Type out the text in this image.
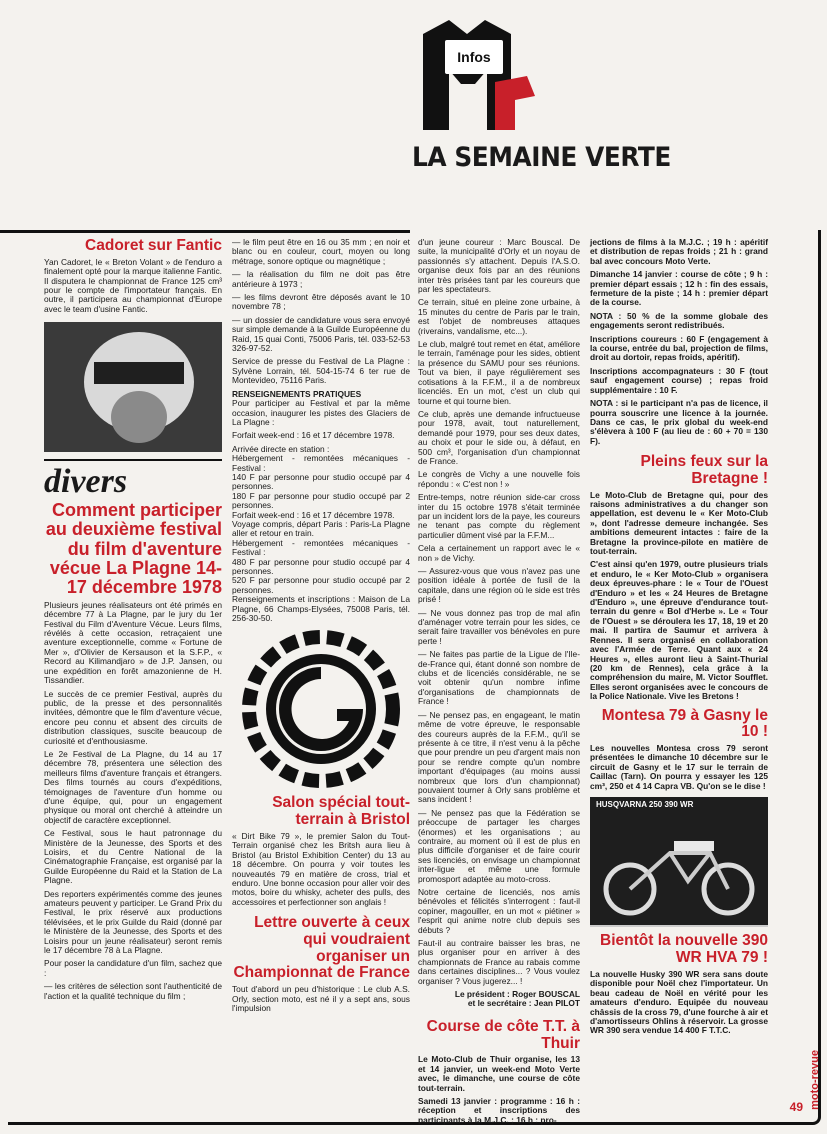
Infos
LA SEMAINE VERTE
Cadoret sur Fantic

Yan Cadoret, le « Breton Volant » de l'enduro a finalement opté pour la marque italienne Fantic. Il disputera le championnat de France 125 cm³ pour le compte de l'importateur français. En outre, il participera au championnat d'Europe avec le team d'usine Fantic.

divers
Comment participer au deuxième festival du film d'aventure vécue La Plagne 14-17 décembre 1978

Plusieurs jeunes réalisateurs ont été primés en décembre 77 à La Plagne, par le jury du 1er Festival du Film d'Aventure Vécue. Leurs films, révélés à cette occasion, retraçaient une aventure exceptionnelle, comme « Fortune de Mer », d'Olivier de Kersauson et la S.F.P., « Record au Kilimandjaro » de J.P. Jansen, ou une expédition en forêt amazonienne de H. Tissandier.

Le succès de ce premier Festival, auprès du public, de la presse et des personnalités invitées, démontre que le film d'aventure vécue, encore peu connu et absent des circuits de distribution classiques, suscite beaucoup de curiosité et d'enthousiasme.

Le 2e Festival de La Plagne, du 14 au 17 décembre 78, présentera une sélection des meilleurs films d'aventure français et étrangers. Des films tournés au cours d'expéditions, témoignages de l'aventure d'un homme ou d'une équipe, qui, pour un engagement physique ou moral ont cherché à atteindre un objectif de caractère exceptionnel.

Ce Festival, sous le haut patronnage du Ministère de la Jeunesse, des Sports et des Loisirs, et du Centre National de la Cinématographie Française, est organisé par la Guilde Européenne du Raid et la Station de La Plagne.

Des reporters expérimentés comme des jeunes amateurs peuvent y participer. Le Grand Prix du Festival, le prix réservé aux productions télévisées, et le prix Guilde du Raid (donné par le Ministère de la Jeunesse, des Sports et des Loisirs pour un jeune réalisateur) seront remis le 17 décembre 78 à La Plagne.

Pour poser la candidature d'un film, sachez que :

— les critères de sélection sont l'authenticité de l'action et la qualité technique du film ;

— le film peut être en 16 ou 35 mm ; en noir et blanc ou en couleur, court, moyen ou long métrage, sonore optique ou magnétique ;

— la réalisation du film ne doit pas être antérieure à 1973 ;

— les films devront être déposés avant le 10 novembre 78 ;

— un dossier de candidature vous sera envoyé sur simple demande à la Guilde Européenne du Raid, 15 quai Conti, 75006 Paris, tél. 033-52-53 326-97-52.

Service de presse du Festival de La Plagne : Sylvène Lorrain, tél. 504-15-74 6 ter rue de Montevideo, 75116 Paris.

RENSEIGNEMENTS PRATIQUES

Pour participer au Festival et par la même occasion, inaugurer les pistes des Glaciers de La Plagne :

Forfait week-end : 16 et 17 décembre 1978.

Arrivée directe en station :

Hébergement - remontées mécaniques - Festival :

140 F par personne pour studio occupé par 4 personnes.

180 F par personne pour studio occupé par 2 personnes.

Forfait week-end : 16 et 17 décembre 1978.

Voyage compris, départ Paris : Paris-La Plagne aller et retour en train.

Hébergement - remontées mécaniques - Festival :

480 F par personne pour studio occupé par 4 personnes.

520 F par personne pour studio occupé par 2 personnes.

Renseignements et inscriptions : Maison de La Plagne, 66 Champs-Elysées, 75008 Paris, tél. 256-30-50.

Salon spécial tout-terrain à Bristol

« Dirt Bike 79 », le premier Salon du Tout-Terrain organisé chez les Britsh aura lieu à Bristol (au Bristol Exhibition Center) du 13 au 18 décembre. On pourra y voir toutes les nouveautés 79 en matière de cross, trial et enduro. Une bonne occasion pour aller voir des motos, boire du whisky, acheter des pulls, des accessoires et perfectionner son anglais !

Lettre ouverte à ceux qui voudraient organiser un Championnat de France

Tout d'abord un peu d'historique : Le club A.S. Orly, section moto, est né il y a sept ans, sous l'impulsion

d'un jeune coureur : Marc Bouscal. De suite, la municipalité d'Orly et un noyau de passionnés s'y attachent. Depuis l'A.S.O. organise deux fois par an des réunions inter très prisées tant par les coureurs que par les spectateurs.

Ce terrain, situé en pleine zone urbaine, à 15 minutes du centre de Paris par le train, est l'objet de nombreuses attaques (riverains, vandalisme, etc...).

Le club, malgré tout remet en état, améliore le terrain, l'aménage pour les sides, obtient la présence du SAMU pour ses réunions. Tout va bien, il paye régulièrement ses cotisations à la F.F.M., il a de nombreux licenciés. En un mot, c'est un club qui tourne et qui tourne bien.

Ce club, après une demande infructueuse pour 1978, avait, tout naturellement, demandé pour 1979, pour ses deux dates, au choix et pour le side ou, à défaut, en 500 cm³, l'organisation d'un championnat de France.

Le congrès de Vichy a une nouvelle fois répondu : « C'est non ! »

Entre-temps, notre réunion side-car cross inter du 15 octobre 1978 s'était terminée par un incident lors de la paye, les coureurs ne tenant pas compte du règlement particulier dûment visé par la F.F.M...

Cela a certainement un rapport avec le « non » de Vichy.

— Assurez-vous que vous n'avez pas une position idéale à portée de fusil de la capitale, dans une région où le side est très prisé !

— Ne vous donnez pas trop de mal afin d'aménager votre terrain pour les sides, ce serait faire travailler vos bénévoles en pure perte !

— Ne faites pas partie de la Ligue de l'Ile-de-France qui, étant donné son nombre de clubs et de licenciés considérable, ne se voit obtenir qu'un nombre infime d'organisations de championnats de France !

— Ne pensez pas, en engageant, le matin même de votre épreuve, le responsable des coureurs auprès de la F.F.M., qu'il se présente à ce titre, il n'est venu à la pêche que pour prendre un peu d'argent mais non pour se rendre compte qu'un nombre important d'équipages (au moins aussi nombreux que lors d'un championnat) pouvaient tourner à Orly sans problème et sans incident !

— Ne pensez pas que la Fédération se préoccupe de partager les charges (énormes) et les organisations ; au contraire, au moment où il est de plus en plus difficile d'organiser et de faire courir ses licenciés, on envisage un championnat inter-ligue et même une formule promosport adaptée au moto-cross.

Notre certaine de licenciés, nos amis bénévoles et félicités s'interrogent : faut-il copiner, magouiller, en un mot « piétiner » l'esprit qui anime notre club depuis ses débuts ?

Faut-il au contraire baisser les bras, ne plus organiser pour en arriver à des championnats de France au rabais comme dans certaines disciplines... ? Vous voulez organiser ? Vous jugerez... !

Le président : Roger BOUSCAL
et le secrétaire : Jean PILOT
Course de côte T.T. à Thuir

Le Moto-Club de Thuir organise, les 13 et 14 janvier, un week-end Moto Verte avec, le dimanche, une course de côte tout-terrain.

Samedi 13 janvier : programme : 16 h : réception et inscriptions des participants à la M.J.C. ; 16 h : pro-

jections de films à la M.J.C. ; 19 h : apéritif et distribution de repas froids ; 21 h : grand bal avec concours Moto Verte.

Dimanche 14 janvier : course de côte ; 9 h : premier départ essais ; 12 h : fin des essais, fermeture de la piste ; 14 h : premier départ de la course.

NOTA : 50 % de la somme globale des engagements seront redistribués.

Inscriptions coureurs : 60 F (engagement à la course, entrée du bal, projection de films, droit au dortoir, repas froids, apéritif).

Inscriptions accompagnateurs : 30 F (tout sauf engagement course) ; repas froid supplémentaire : 10 F.

NOTA : si le participant n'a pas de licence, il pourra souscrire une licence à la journée. Dans ce cas, le prix global du week-end s'élèvera à 100 F (au lieu de : 60 + 70 = 130 F).

Pleins feux sur la Bretagne !

Le Moto-Club de Bretagne qui, pour des raisons administratives a du changer son appellation, est devenu le « Ker Moto-Club », dont l'adresse demeure inchangée. Ses ambitions demeurent intactes : faire de la Bretagne la province-pilote en matière de tout-terrain.

C'est ainsi qu'en 1979, outre plusieurs trials et enduro, le « Ker Moto-Club » organisera deux épreuves-phare : le « Tour de l'Ouest d'Enduro » et les « 24 Heures de Bretagne d'Enduro », une épreuve d'endurance tout-terrain du genre « Bol d'Herbe ». Le « Tour de l'Ouest » se déroulera les 17, 18, 19 et 20 mai. Il partira de Saumur et arrivera à Rennes. Il sera organisé en collaboration avec l'Armée de Terre. Quant aux « 24 Heures », elles auront lieu à Saint-Thurial (20 km de Rennes), cela grâce à la compréhension du maire, M. Victor Soufflet. Elles seront organisées avec le concours de la Police Nationale. Vive les Bretons !

Montesa 79 à Gasny le 10 !

Les nouvelles Montesa cross 79 seront présentées le dimanche 10 décembre sur le circuit de Gasny et le 17 sur le terrain de Caillac (Tarn). On pourra y essayer les 125 cm³, 250 et 4 14 Capra VB. Qu'on se le dise !

HUSQVARNA 250 390 WR
Bientôt la nouvelle 390 WR HVA 79 !

La nouvelle Husky 390 WR sera sans doute disponible pour Noël chez l'importateur. Un beau cadeau de Noël en vérité pour les amateurs d'enduro. Equipée du nouveau châssis de la cross 79, d'une fourche à air et d'amortisseurs Ohlins à réservoir. La grosse WR 390 sera vendue 14 400 F T.T.C.

moto-revue
49
